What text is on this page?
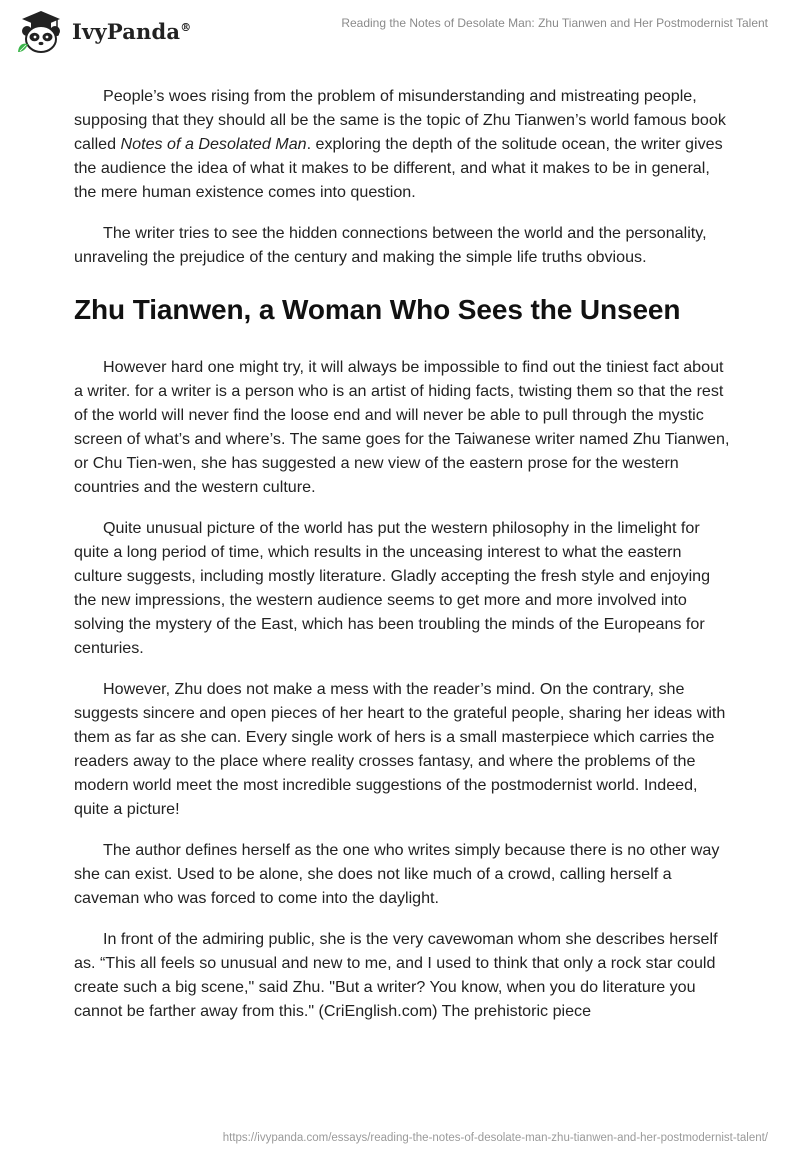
IvyPanda®	Reading the Notes of Desolate Man: Zhu Tianwen and Her Postmodernist Talent

People’s woes rising from the problem of misunderstanding and mistreating people, supposing that they should all be the same is the topic of Zhu Tianwen’s world famous book called Notes of a Desolated Man. exploring the depth of the solitude ocean, the writer gives the audience the idea of what it makes to be different, and what it makes to be in general, the mere human existence comes into question.

The writer tries to see the hidden connections between the world and the personality, unraveling the prejudice of the century and making the simple life truths obvious.

Zhu Tianwen, a Woman Who Sees the Unseen

However hard one might try, it will always be impossible to find out the tiniest fact about a writer. for a writer is a person who is an artist of hiding facts, twisting them so that the rest of the world will never find the loose end and will never be able to pull through the mystic screen of what’s and where’s. The same goes for the Taiwanese writer named Zhu Tianwen, or Chu Tien-wen, she has suggested a new view of the eastern prose for the western countries and the western culture.

Quite unusual picture of the world has put the western philosophy in the limelight for quite a long period of time, which results in the unceasing interest to what the eastern culture suggests, including mostly literature. Gladly accepting the fresh style and enjoying the new impressions, the western audience seems to get more and more involved into solving the mystery of the East, which has been troubling the minds of the Europeans for centuries.

However, Zhu does not make a mess with the reader’s mind. On the contrary, she suggests sincere and open pieces of her heart to the grateful people, sharing her ideas with them as far as she can. Every single work of hers is a small masterpiece which carries the readers away to the place where reality crosses fantasy, and where the problems of the modern world meet the most incredible suggestions of the postmodernist world. Indeed, quite a picture!

The author defines herself as the one who writes simply because there is no other way she can exist. Used to be alone, she does not like much of a crowd, calling herself a caveman who was forced to come into the daylight.

In front of the admiring public, she is the very cavewoman whom she describes herself as. “This all feels so unusual and new to me, and I used to think that only a rock star could create such a big scene," said Zhu. "But a writer? You know, when you do literature you cannot be farther away from this." (CriEnglish.com) The prehistoric piece

https://ivypanda.com/essays/reading-the-notes-of-desolate-man-zhu-tianwen-and-her-postmodernist-talent/
